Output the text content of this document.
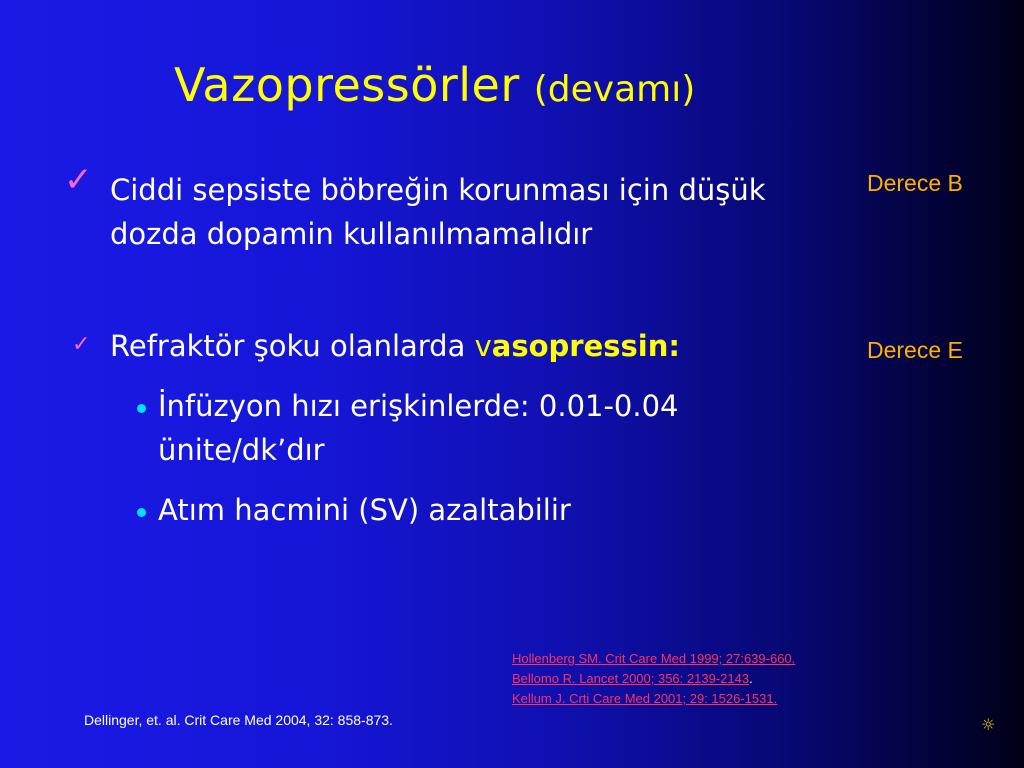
Vazopressörler (devamı)
✓ Ciddi sepsiste böbreğin korunması için düşük dozda dopamin kullanılmamalıdır
✓ Refraktör şoku olanlarda vasopressin:
İnfüzyon hızı erişkinlerde: 0.01-0.04 ünite/dk’dır
Atım hacmini (SV) azaltabilir
Derece B
Derece E
Hollenberg SM. Crit Care Med 1999; 27:639-660.
Bellomo R. Lancet 2000; 356: 2139-2143.
Kellum J. Crti Care Med 2001; 29: 1526-1531.
Dellinger, et. al. Crit Care Med 2004, 32: 858-873.	☼
